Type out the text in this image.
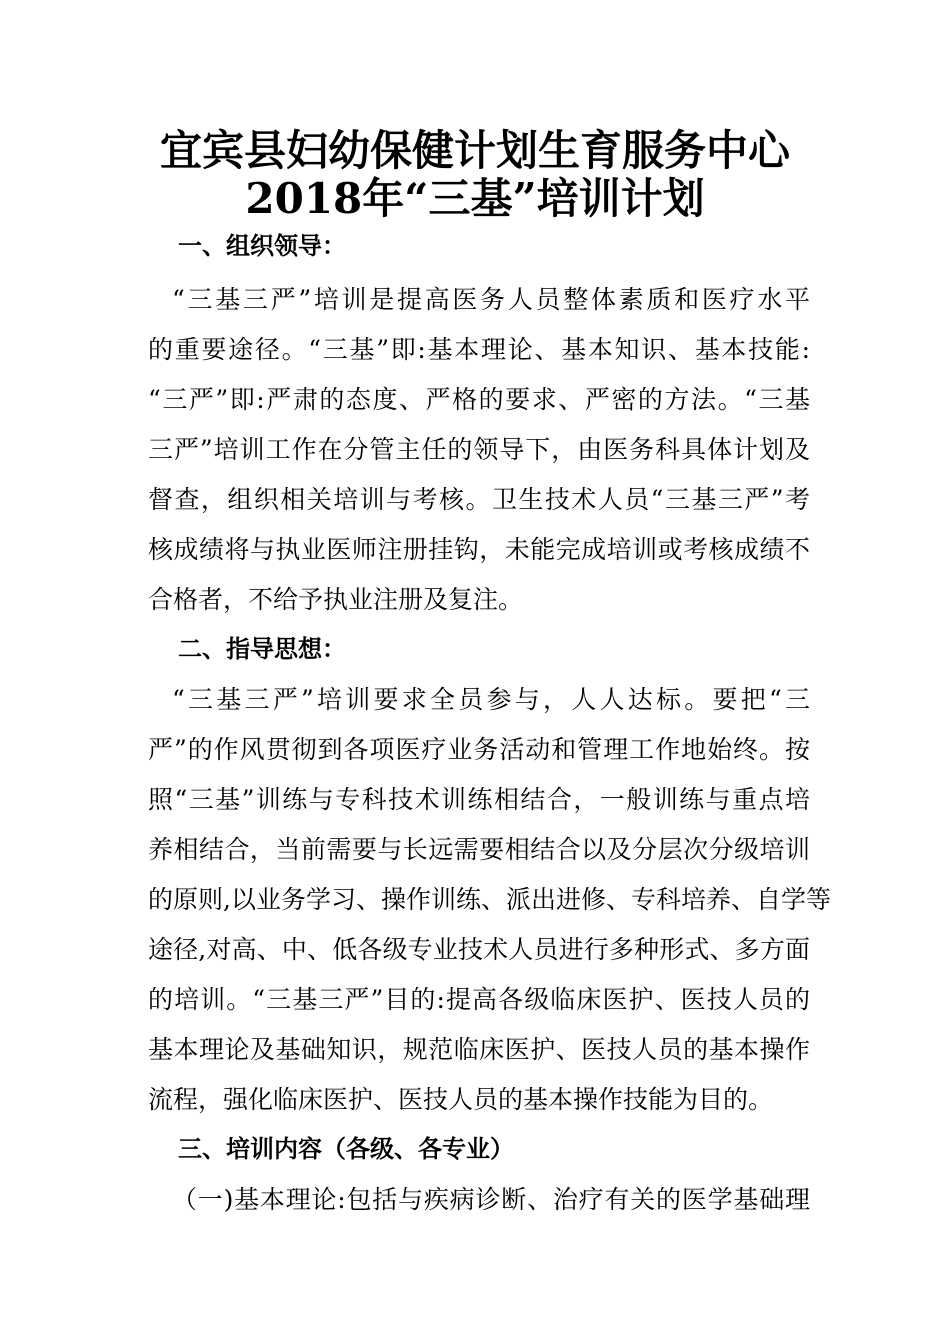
宜宾县妇幼保健计划生育服务中心
2018年“三基”培训计划
一、组织领导：
“三基三严”培训是提高医务人员整体素质和医疗水平
的重要途径。“三基”即:基本理论、基本知识、基本技能:
“三严”即:严肃的态度、严格的要求、严密的方法。“三基
三严”培训工作在分管主任的领导下，由医务科具体计划及
督查，组织相关培训与考核。卫生技术人员“三基三严”考
核成绩将与执业医师注册挂钩，未能完成培训或考核成绩不
合格者，不给予执业注册及复注。
二、指导思想：
“三基三严”培训要求全员参与，人人达标。要把“三
严”的作风贯彻到各项医疗业务活动和管理工作地始终。按
照“三基”训练与专科技术训练相结合，一般训练与重点培
养相结合，当前需要与长远需要相结合以及分层次分级培训
的原则,以业务学习、操作训练、派出进修、专科培养、自学等
途径,对高、中、低各级专业技术人员进行多种形式、多方面
的培训。“三基三严”目的:提高各级临床医护、医技人员的
基本理论及基础知识，规范临床医护、医技人员的基本操作
流程，强化临床医护、医技人员的基本操作技能为目的。
三、培训内容（各级、各专业）
（一)基本理论:包括与疾病诊断、治疗有关的医学基础理
